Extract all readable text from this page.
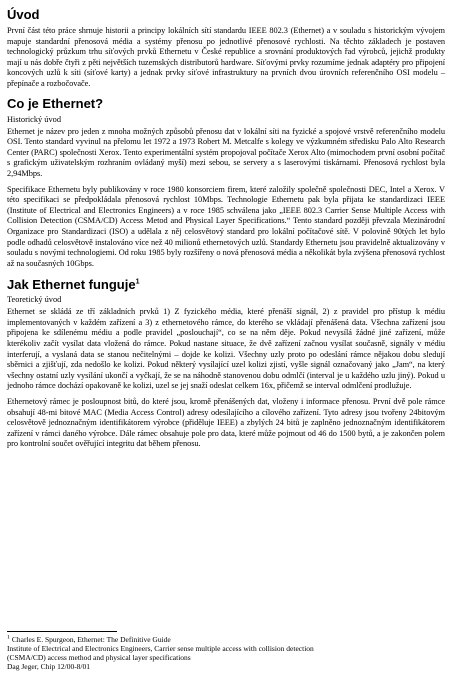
Úvod
První část této práce shrnuje historii a principy lokálních sítí standardu IEEE 802.3 (Ethernet) a v souladu s historickým vývojem mapuje standardní přenosová média a systémy přenosu po jednotlivé přenosové rychlosti. Na těchto základech je postaven technologický průzkum trhu síťových prvků Ethernetu v České republice a srovnání produktových řad výrobců, jejichž produkty mají u nás dobře čtyři z pěti největších tuzemských distributorů hardware. Síťovými prvky rozumíme jednak adaptéry pro připojení koncových uzlů k síti (síťové karty) a jednak prvky síťové infrastruktury na prvních dvou úrovních referenčního OSI modelu – přepínače a rozbočovače.
Co je Ethernet?
Historický úvod
Ethernet je název pro jeden z mnoha možných způsobů přenosu dat v lokální síti na fyzické a spojové vrstvě referenčního modelu OSI. Tento standard vyvinul na přelomu let 1972 a 1973 Robert M. Metcalfe s kolegy ve výzkumném středisku Palo Alto Research Center (PARC) společnosti Xerox. Tento experimentální systém propojoval počítače Xerox Alto (mimochodem první osobní počítač s grafickým uživatelským rozhraním ovládaný myší) mezi sebou, se servery a s laserovými tiskárnami. Přenosová rychlost byla 2,94Mbps.
Specifikace Ethernetu byly publikovány v roce 1980 konsorciem firem, které založily společně společnosti DEC, Intel a Xerox. V této specifikaci se předpokládala přenosová rychlost 10Mbps. Technologie Ethernetu pak byla přijata ke standardizaci IEEE (Institute of Electrical and Electronics Engineers) a v roce 1985 schválena jako „IEEE 802.3 Carrier Sense Multiple Access with Collision Detection (CSMA/CD) Access Metod and Physical Layer Specifications.“ Tento standard později převzala Mezinárodní Organizace pro Standardizaci (ISO) a udělala z něj celosvětový standard pro lokální počítačové sítě. V polovině 90tých let bylo podle odhadů celosvětově instalováno více než 40 milionů ethernetových uzlů. Standardy Ethernetu jsou pravidelně aktualizovány v souladu s novými technologiemi. Od roku 1985 byly rozšířeny o nová přenosová média a několikát byla zvýšena přenosová rychlost až na současných 10Gbps.
Jak Ethernet funguje$^1$
Teoretický úvod
Ethernet se skládá ze tří základních prvků 1) Z fyzického média, které přenáší signál, 2) z pravidel pro přístup k médiu implementovaných v každém zařízení a 3) z ethernetového rámce, do kterého se vkládají přenášená data. Všechna zařízení jsou připojena ke sdílenému médiu a podle pravidel „poslouchají“, co se na něm děje. Pokud nevysílá žádné jiné zařízení, může kterékoliv začít vysílat data vložená do rámce. Pokud nastane situace, že dvě zařízení začnou vysílat současně, signály v médiu interferují, a vyslaná data se stanou nečitelnými – dojde ke kolizi. Všechny uzly proto po odeslání rámce nějakou dobu sledují sběrnici a zjišťují, zda nedošlo ke kolizi. Pokud některý vysílající uzel kolizi zjistí, vyšle signál označovaný jako „Jam“, na který všechny ostatní uzly vysílání ukončí a vyčkají, že se na náhodně stanovenou dobu odmlčí (interval je u každého uzlu jiný). Pokud u jednoho rámce dochází opakovaně ke kolizi, uzel se jej snaží odeslat celkem 16x, přičemž se interval odmlčení prodlužuje.
Ethernetový rámec je posloupnost bitů, do které jsou, kromě přenášených dat, vloženy i informace přenosu. První dvě pole rámce obsahují 48-mi bitové MAC (Media Access Control) adresy odesílajícího a cílového zařízení. Tyto adresy jsou tvořeny 24bitovým celosvětově jednoznačným identifikátorem výrobce (přiděluje IEEE) a zbylých 24 bitů je zaplněno jednoznačným identifikátorem zařízení v rámci daného výrobce. Dále rámec obsahuje pole pro data, které může pojmout od 46 do 1500 bytů, a je zakončen polem pro kontrolní součet ověřující integritu dat během přenosu.
$^1$ Charles E. Spurgeon, Ethernet: The Definitive Guide
Institute of Electrical and Electronics Engineers, Carrier sense multiple access with collision detection
(CSMA/CD) access method and physical layer specifications
Dag Jeger, Chip 12/00-8/01
